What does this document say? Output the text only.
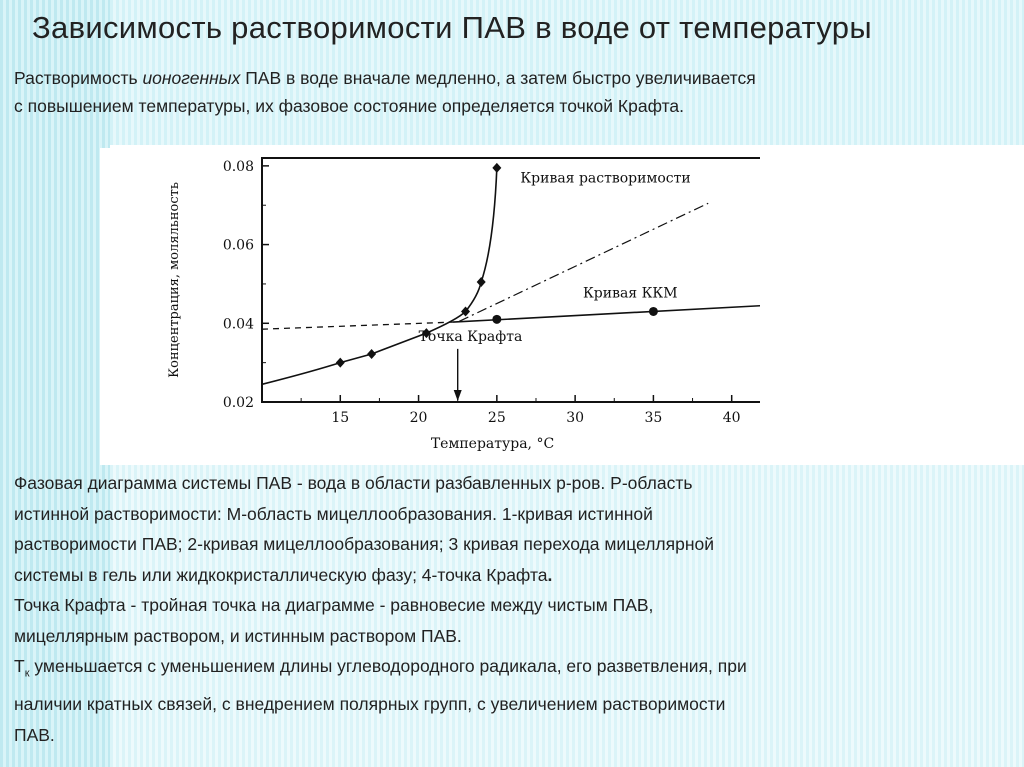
Зависимость растворимости ПАВ в воде от температуры
Растворимость ионогенных ПАВ в воде вначале медленно, а затем быстро увеличивается
с повышением температуры, их фазовое состояние определяется точкой Крафта.
15	20	25	30	35	40
0.02
0.04
0.06
0.08
Температура, °C
Концентрация, моляльность
Кривая растворимости
Кривая ККМ
Точка Крафта

Фазовая диаграмма системы ПАВ - вода в области разбавленных р-ров. Р-область
истинной растворимости: М-область мицеллообразования. 1-кривая истинной
растворимости ПАВ; 2-кривая мицеллообразования; 3 кривая перехода мицеллярной
системы в гель или жидкокристаллическую фазу; 4-точка Крафта.

Точка Крафта - тройная точка на диаграмме - равновесие между чистым ПАВ,
мицеллярным раствором, и истинным раствором ПАВ.

$Т_к$ уменьшается с уменьшением длины углеводородного радикала, его разветвления, при
наличии кратных связей, с внедрением полярных групп, с увеличением растворимости
ПАВ.
